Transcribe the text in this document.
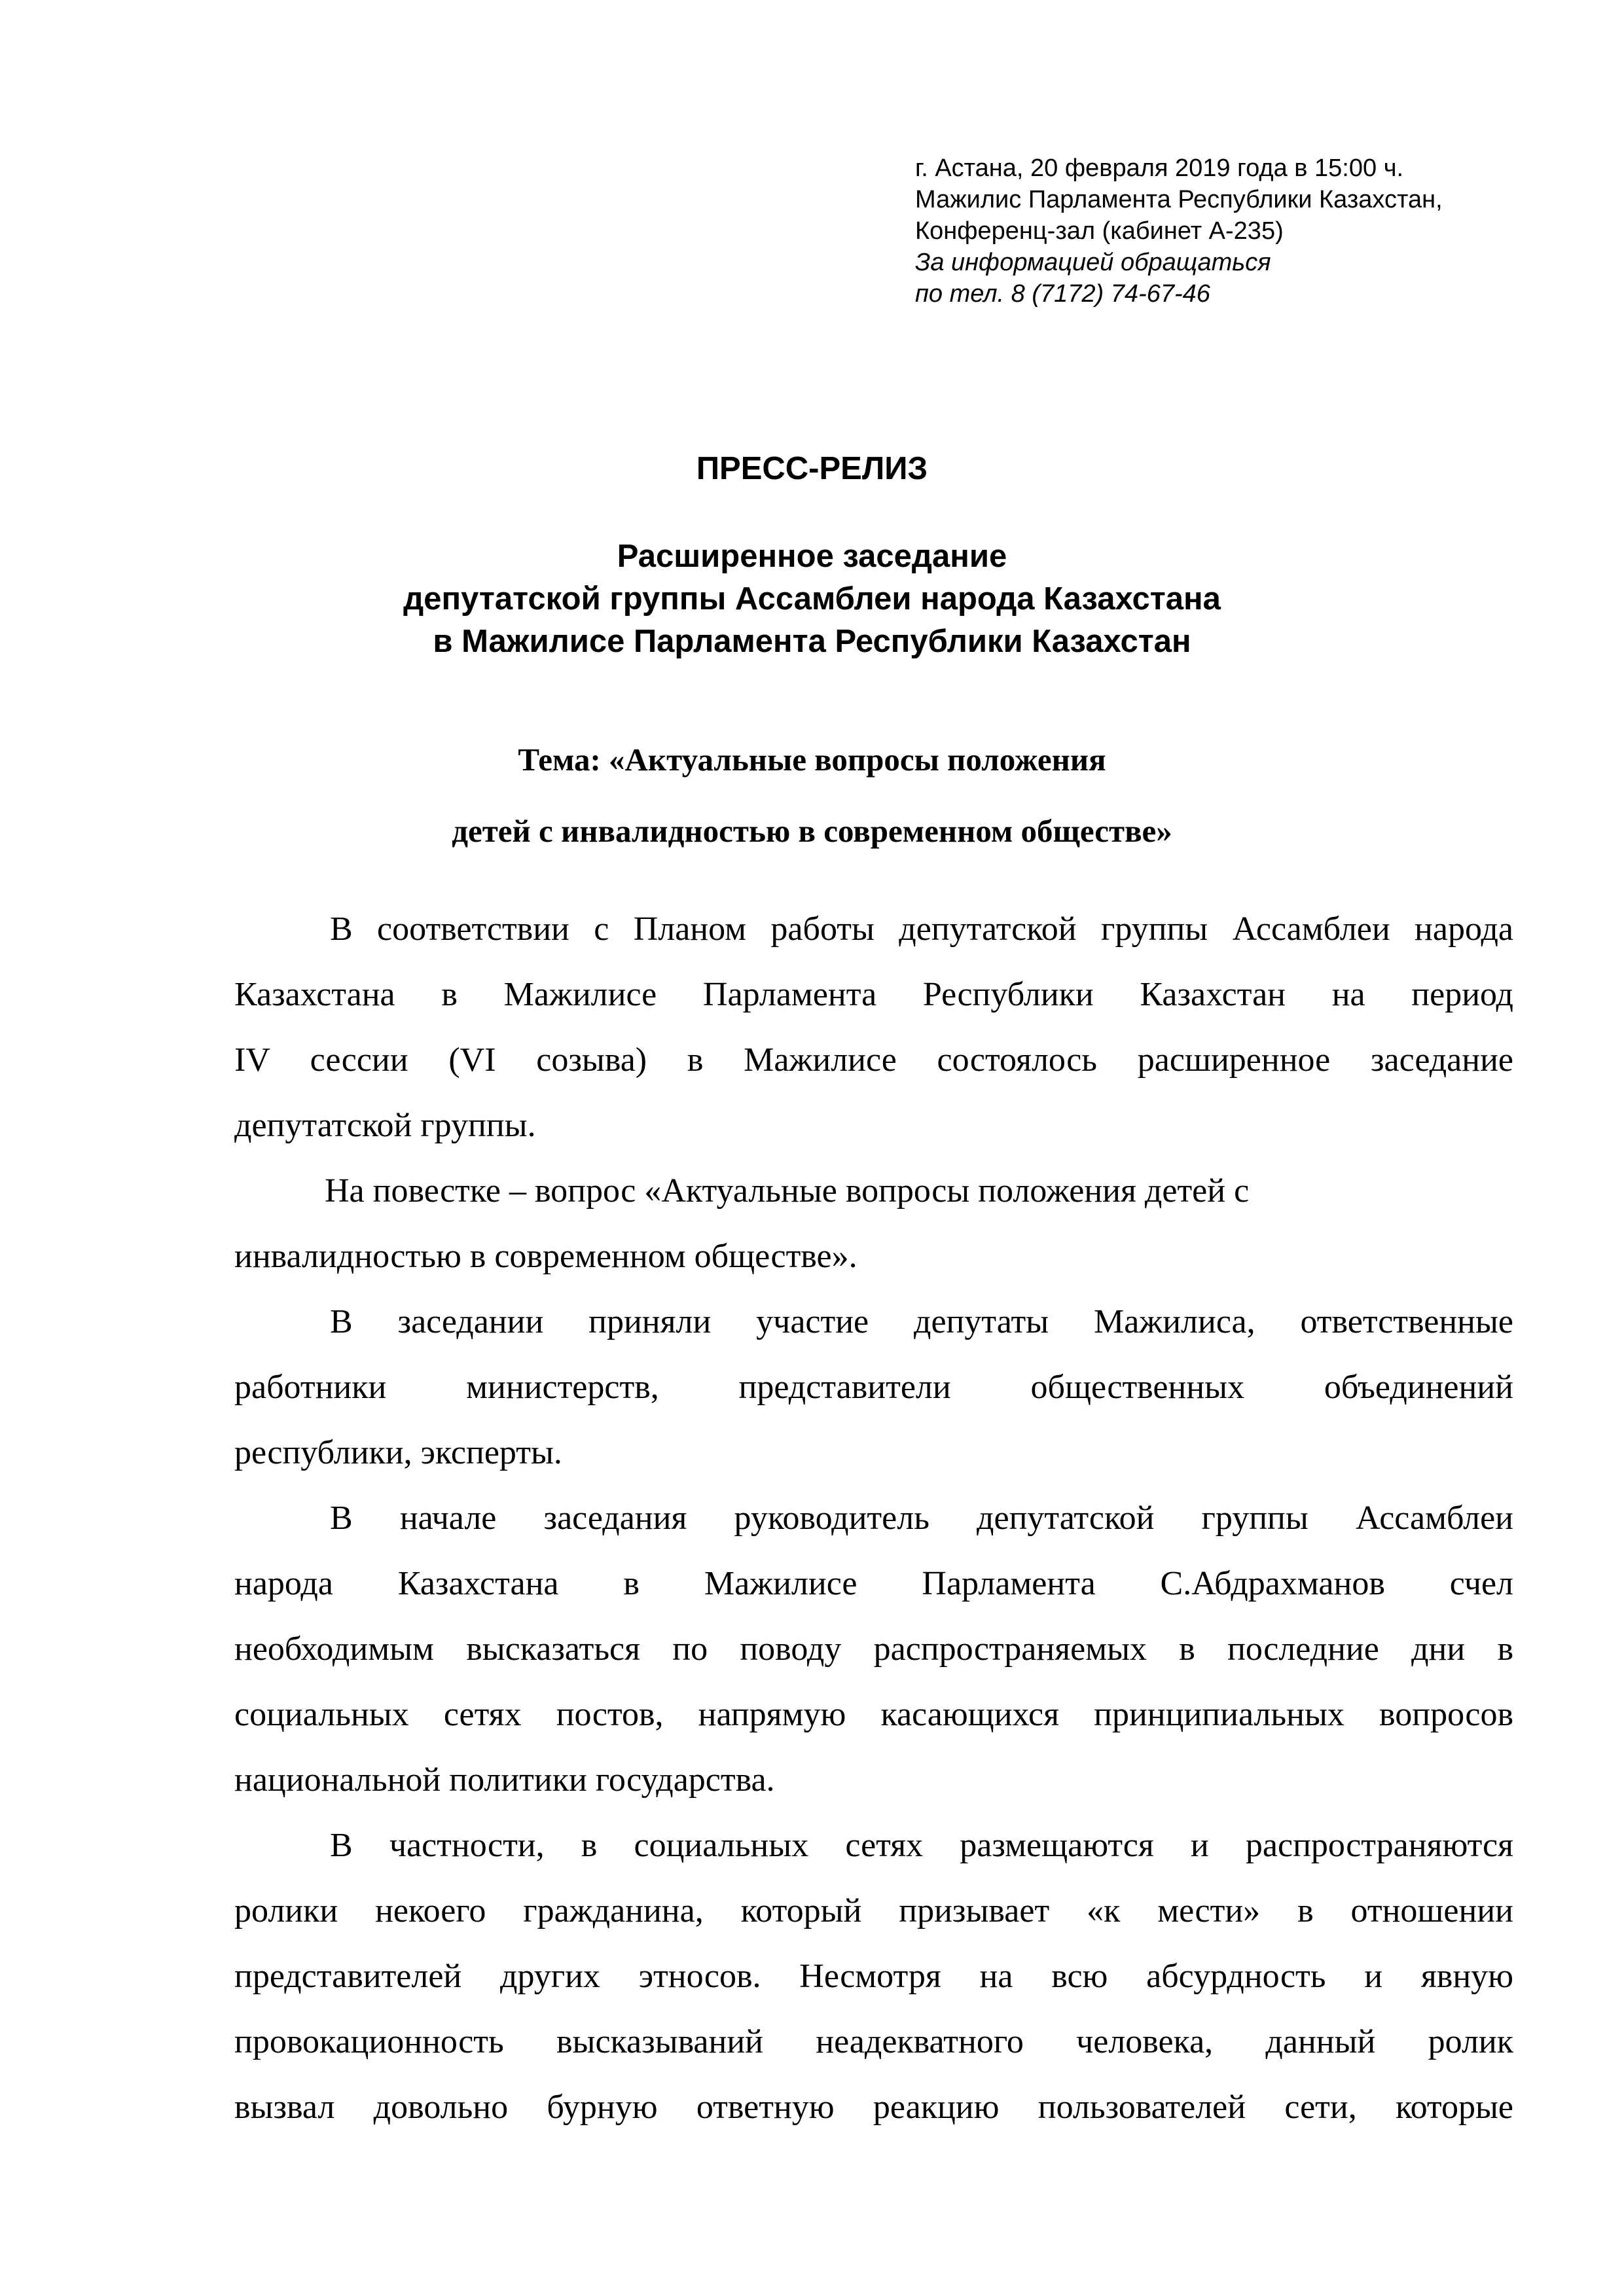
г. Астана, 20 февраля 2019 года в 15:00 ч.
Мажилис Парламента Республики Казахстан,
Конференц-зал (кабинет А-235)
За информацией обращаться
по тел. 8 (7172) 74-67-46
ПРЕСС-РЕЛИЗ
Расширенное заседание
депутатской группы Ассамблеи народа Казахстана
в Мажилисе Парламента Республики Казахстан
Тема: «Актуальные вопросы положения
детей с инвалидностью в современном обществе»
В соответствии с Планом работы депутатской группы Ассамблеи народа
Казахстана в Мажилисе Парламента Республики Казахстан на период
IV сессии (VI созыва) в Мажилисе состоялось расширенное заседание
депутатской группы.
На повестке – вопрос «Актуальные вопросы положения детей с
инвалидностью в современном обществе».
В заседании приняли участие депутаты Мажилиса, ответственные
работники министерств, представители общественных объединений
республики, эксперты.
В начале заседания руководитель депутатской группы Ассамблеи
народа Казахстана в Мажилисе Парламента С.Абдрахманов счел
необходимым высказаться по поводу распространяемых в последние дни в
социальных сетях постов, напрямую касающихся принципиальных вопросов
национальной политики государства.
В частности, в социальных сетях размещаются и распространяются
ролики некоего гражданина, который призывает «к мести» в отношении
представителей других этносов. Несмотря на всю абсурдность и явную
провокационность высказываний неадекватного человека, данный ролик
вызвал довольно бурную ответную реакцию пользователей сети, которые
